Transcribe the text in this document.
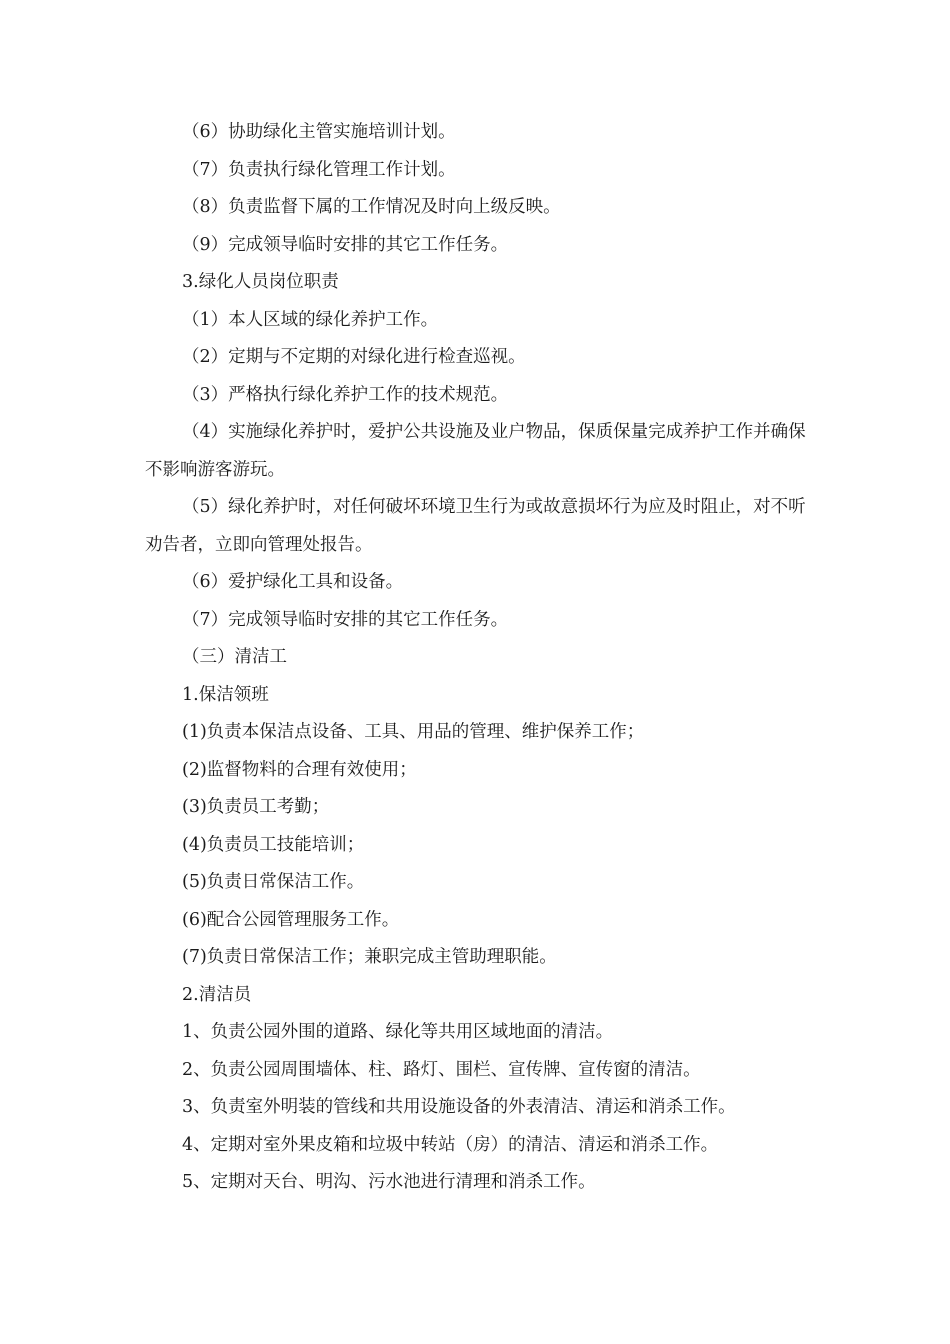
（6）协助绿化主管实施培训计划。

（7）负责执行绿化管理工作计划。

（8）负责监督下属的工作情况及时向上级反映。

（9）完成领导临时安排的其它工作任务。

3.绿化人员岗位职责

（1）本人区域的绿化养护工作。

（2）定期与不定期的对绿化进行检查巡视。

（3）严格执行绿化养护工作的技术规范。

（4）实施绿化养护时，爱护公共设施及业户物品，保质保量完成养护工作并确保不影响游客游玩。

（5）绿化养护时，对任何破坏环境卫生行为或故意损坏行为应及时阻止，对不听劝告者，立即向管理处报告。

（6）爱护绿化工具和设备。

（7）完成领导临时安排的其它工作任务。

（三）清洁工

1.保洁领班

(1)负责本保洁点设备、工具、用品的管理、维护保养工作；

(2)监督物料的合理有效使用；

(3)负责员工考勤；

(4)负责员工技能培训；

(5)负责日常保洁工作。

(6)配合公园管理服务工作。

(7)负责日常保洁工作；兼职完成主管助理职能。

2.清洁员

1、负责公园外围的道路、绿化等共用区域地面的清洁。

2、负责公园周围墙体、柱、路灯、围栏、宣传牌、宣传窗的清洁。

3、负责室外明装的管线和共用设施设备的外表清洁、清运和消杀工作。

4、定期对室外果皮箱和垃圾中转站（房）的清洁、清运和消杀工作。

5、定期对天台、明沟、污水池进行清理和消杀工作。
